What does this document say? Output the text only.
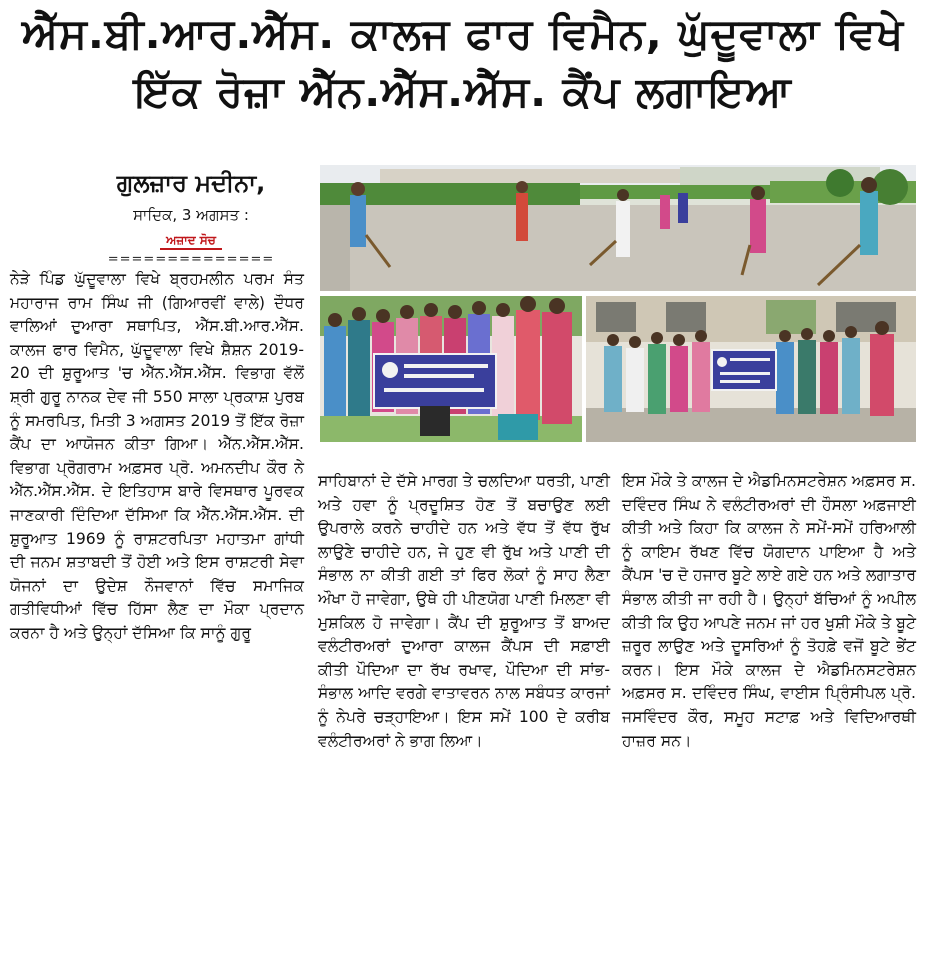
ਐੱਸ.ਬੀ.ਆਰ.ਐੱਸ. ਕਾਲਜ ਫਾਰ ਵਿਮੈਨ, ਘੁੱਦੂਵਾਲਾ ਵਿਖੇ
ਇੱਕ ਰੋਜ਼ਾ ਐੱਨ.ਐੱਸ.ਐੱਸ. ਕੈਂਪ ਲਗਾਇਆ
ਗੁਲਜ਼ਾਰ ਮਦੀਨਾ,
ਸਾਦਿਕ, 3 ਅਗਸਤ :
ਅਜ਼ਾਦ ਸੋਚ
==============

ਨੇੜੇ ਪਿੰਡ ਘੁੱਦੂਵਾਲਾ ਵਿਖੇ ਬ੍ਰਹਮਲੀਨ ਪਰਮ ਸੰਤ ਮਹਾਰਾਜ ਰਾਮ ਸਿੰਘ ਜੀ (ਗਿਆਰਵੀਂ ਵਾਲੇ) ਦੌਧਰ ਵਾਲਿਆਂ ਦੁਆਰਾ ਸਥਾਪਿਤ, ਐੱਸ.ਬੀ.ਆਰ.ਐੱਸ. ਕਾਲਜ ਫਾਰ ਵਿਮੈਨ, ਘੁੱਦੂਵਾਲਾ ਵਿਖੇ ਸ਼ੈਸ਼ਨ 2019-20 ਦੀ ਸ਼ੁਰੂਆਤ 'ਚ ਐੱਨ.ਐੱਸ.ਐੱਸ. ਵਿਭਾਗ ਵੱਲੋਂ ਸ਼੍ਰੀ ਗੁਰੂ ਨਾਨਕ ਦੇਵ ਜੀ 550 ਸਾਲਾ ਪ੍ਰਕਾਸ਼ ਪੁਰਬ ਨੂੰ ਸਮਰਪਿਤ, ਮਿਤੀ 3 ਅਗਸਤ 2019 ਤੋਂ ਇੱਕ ਰੋਜ਼ਾ ਕੈਂਪ ਦਾ ਆਯੋਜਨ ਕੀਤਾ ਗਿਆ। ਐੱਨ.ਐੱਸ.ਐੱਸ. ਵਿਭਾਗ ਪ੍ਰੋਗਰਾਮ ਅਫ਼ਸਰ ਪ੍ਰੋ. ਅਮਨਦੀਪ ਕੌਰ ਨੇ ਐੱਨ.ਐੱਸ.ਐੱਸ. ਦੇ ਇਤਿਹਾਸ ਬਾਰੇ ਵਿਸਥਾਰ ਪੂਰਵਕ ਜਾਣਕਾਰੀ ਦਿੰਦਿਆ ਦੱਸਿਆ ਕਿ ਐੱਨ.ਐੱਸ.ਐੱਸ. ਦੀ ਸ਼ੁਰੂਆਤ 1969 ਨੂੰ ਰਾਸ਼ਟਰਪਿਤਾ ਮਹਾਤਮਾ ਗਾਂਧੀ ਦੀ ਜਨਮ ਸ਼ਤਾਬਦੀ ਤੋਂ ਹੋਈ ਅਤੇ ਇਸ ਰਾਸ਼ਟਰੀ ਸੇਵਾ ਯੋਜਨਾਂ ਦਾ ਉਦੇਸ਼ ਨੌਜਵਾਨਾਂ ਵਿੱਚ ਸਮਾਜਿਕ ਗਤੀਵਿਧੀਆਂ ਵਿੱਚ ਹਿੱਸਾ ਲੈਣ ਦਾ ਮੌਕਾ ਪ੍ਰਦਾਨ ਕਰਨਾ ਹੈ ਅਤੇ ਉਨ੍ਹਾਂ ਦੱਸਿਆ ਕਿ ਸਾਨੂੰ ਗੁਰੂ

ਸਾਹਿਬਾਨਾਂ ਦੇ ਦੱਸੇ ਮਾਰਗ ਤੇ ਚਲਦਿਆ ਧਰਤੀ, ਪਾਣੀ ਅਤੇ ਹਵਾ ਨੂੰ ਪ੍ਰਦੂਸ਼ਿਤ ਹੋਣ ਤੋਂ ਬਚਾਉਣ ਲਈ ਉਪਰਾਲੇ ਕਰਨੇ ਚਾਹੀਦੇ ਹਨ ਅਤੇ ਵੱਧ ਤੋਂ ਵੱਧ ਰੁੱਖ ਲਾਉਣੇ ਚਾਹੀਦੇ ਹਨ, ਜੇ ਹੁਣ ਵੀ ਰੁੱਖ ਅਤੇ ਪਾਣੀ ਦੀ ਸੰਭਾਲ ਨਾ ਕੀਤੀ ਗਈ ਤਾਂ ਫਿਰ ਲੋਕਾਂ ਨੂੰ ਸਾਹ ਲੈਣਾ ਔਖਾ ਹੋ ਜਾਵੇਗਾ, ਉਥੇ ਹੀ ਪੀਣਯੋਗ ਪਾਣੀ ਮਿਲਣਾ ਵੀ ਮੁਸ਼ਕਿਲ ਹੋ ਜਾਵੇਗਾ। ਕੈਂਪ ਦੀ ਸ਼ੁਰੂਆਤ ਤੋਂ ਬਾਅਦ ਵਲੰਟੀਰਅਰਾਂ ਦੁਆਰਾ ਕਾਲਜ ਕੈਂਪਸ ਦੀ ਸਫ਼ਾਈ ਕੀਤੀ ਪੌਦਿਆ ਦਾ ਰੱਖ ਰਖਾਵ, ਪੌਦਿਆ ਦੀ ਸਾਂਭ-ਸੰਭਾਲ ਆਦਿ ਵਰਗੇ ਵਾਤਾਵਰਨ ਨਾਲ ਸਬੰਧਤ ਕਾਰਜਾਂ ਨੂੰ ਨੇਪਰੇ ਚੜ੍ਹਾਇਆ। ਇਸ ਸਮੇਂ 100 ਦੇ ਕਰੀਬ ਵਲੰਟੀਰਅਰਾਂ ਨੇ ਭਾਗ ਲਿਆ।

ਇਸ ਮੌਕੇ ਤੇ ਕਾਲਜ ਦੇ ਐਡਮਿਨਸਟਰੇਸ਼ਨ ਅਫ਼ਸਰ ਸ. ਦਵਿੰਦਰ ਸਿੰਘ ਨੇ ਵਲੰਟੀਰਅਰਾਂ ਦੀ ਹੌਸਲਾ ਅਫ਼ਜਾਈ ਕੀਤੀ ਅਤੇ ਕਿਹਾ ਕਿ ਕਾਲਜ ਨੇ ਸਮੇਂ-ਸਮੇਂ ਹਰਿਆਲੀ ਨੂੰ ਕਾਇਮ ਰੱਖਣ ਵਿੱਚ ਯੋਗਦਾਨ ਪਾਇਆ ਹੈ ਅਤੇ ਕੈਂਪਸ 'ਚ ਦੋ ਹਜਾਰ ਬੂਟੇ ਲਾਏ ਗਏ ਹਨ ਅਤੇ ਲਗਾਤਾਰ ਸੰਭਾਲ ਕੀਤੀ ਜਾ ਰਹੀ ਹੈ। ਉਨ੍ਹਾਂ ਬੱਚਿਆਂ ਨੂੰ ਅਪੀਲ ਕੀਤੀ ਕਿ ਉਹ ਆਪਣੇ ਜਨਮ ਜਾਂ ਹਰ ਖੁਸ਼ੀ ਮੌਕੇ ਤੇ ਬੂਟੇ ਜ਼ਰੂਰ ਲਾਉਣ ਅਤੇ ਦੂਸਰਿਆਂ ਨੂੰ ਤੋਹਫ਼ੇ ਵਜੋਂ ਬੂਟੇ ਭੇਂਟ ਕਰਨ। ਇਸ ਮੌਕੇ ਕਾਲਜ ਦੇ ਐਡਮਿਨਸਟਰੇਸ਼ਨ ਅਫ਼ਸਰ ਸ. ਦਵਿੰਦਰ ਸਿੰਘ, ਵਾਈਸ ਪ੍ਰਿੰਸੀਪਲ ਪ੍ਰੋ. ਜਸਵਿੰਦਰ ਕੌਰ, ਸਮੂਹ ਸਟਾਫ਼ ਅਤੇ ਵਿਦਿਆਰਥੀ ਹਾਜ਼ਰ ਸਨ।
